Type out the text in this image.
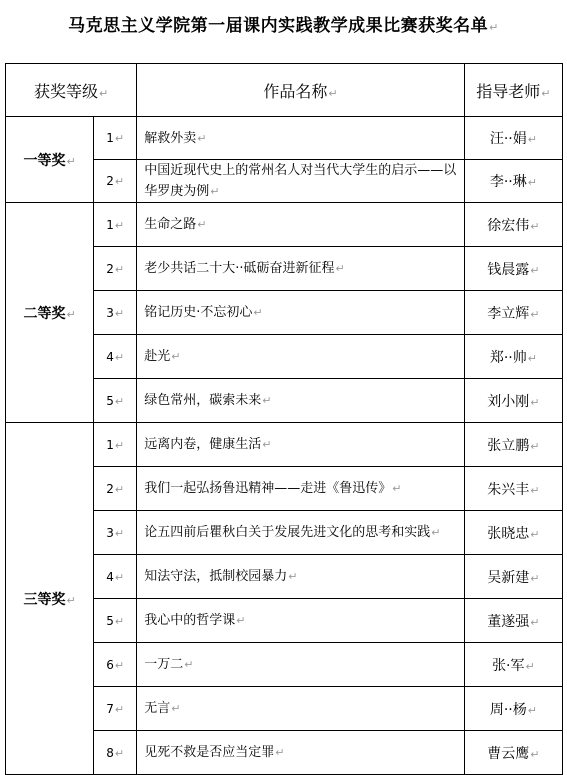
马克思主义学院第一届课内实践教学成果比赛获奖名单↵
获奖等级↵		作品名称↵	指导老师↵
一等奖↵	1↵	解救外卖↵	汪··娟↵
	2↵	中国近现代史上的常州名人对当代大学生的启示——以华罗庚为例↵	李··琳↵
二等奖↵	1↵	生命之路↵	徐宏伟↵
	2↵	老少共话二十大··砥砺奋进新征程↵	钱晨露↵
	3↵	铭记历史·不忘初心↵	李立辉↵
	4↵	赴光↵	郑··帅↵
	5↵	绿色常州，碳索未来↵	刘小刚↵
三等奖↵	1↵	远离内卷，健康生活↵	张立鹏↵
	2↵	我们一起弘扬鲁迅精神——走进《鲁迅传》↵	朱兴丰↵
	3↵	论五四前后瞿秋白关于发展先进文化的思考和实践↵	张晓忠↵
	4↵	知法守法，抵制校园暴力↵	吴新建↵
	5↵	我心中的哲学课↵	董遂强↵
	6↵	一万二↵	张·军↵
	7↵	无言↵	周··杨↵
	8↵	见死不救是否应当定罪↵	曹云鹰↵
